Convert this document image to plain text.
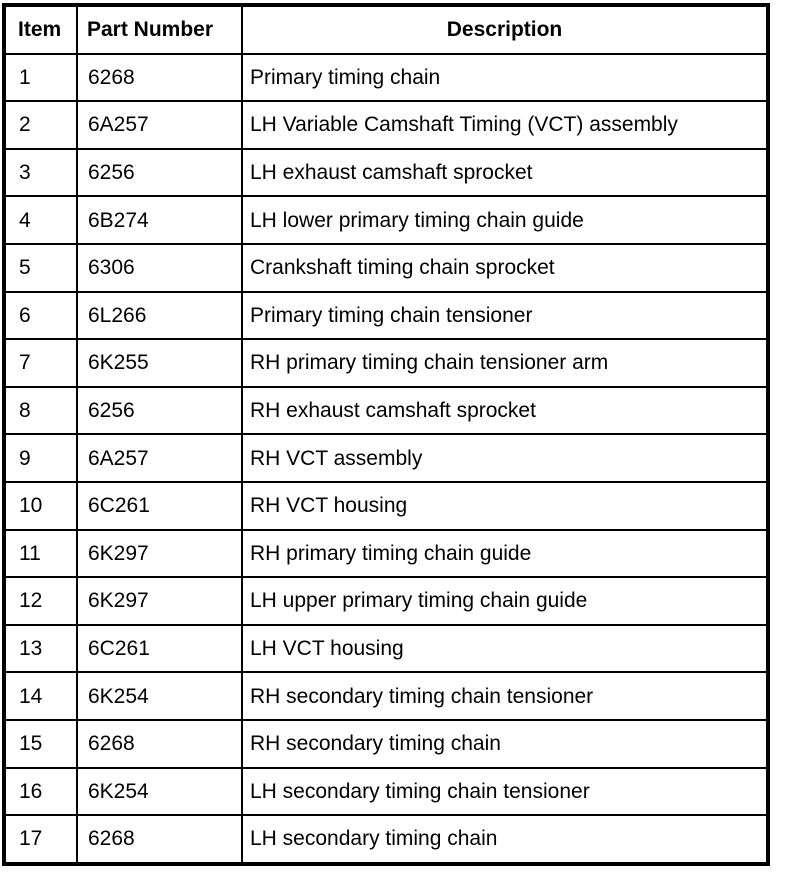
Item	Part Number	Description
1	6268	Primary timing chain
2	6A257	LH Variable Camshaft Timing (VCT) assembly
3	6256	LH exhaust camshaft sprocket
4	6B274	LH lower primary timing chain guide
5	6306	Crankshaft timing chain sprocket
6	6L266	Primary timing chain tensioner
7	6K255	RH primary timing chain tensioner arm
8	6256	RH exhaust camshaft sprocket
9	6A257	RH VCT assembly
10	6C261	RH VCT housing
11	6K297	RH primary timing chain guide
12	6K297	LH upper primary timing chain guide
13	6C261	LH VCT housing
14	6K254	RH secondary timing chain tensioner
15	6268	RH secondary timing chain
16	6K254	LH secondary timing chain tensioner
17	6268	LH secondary timing chain
